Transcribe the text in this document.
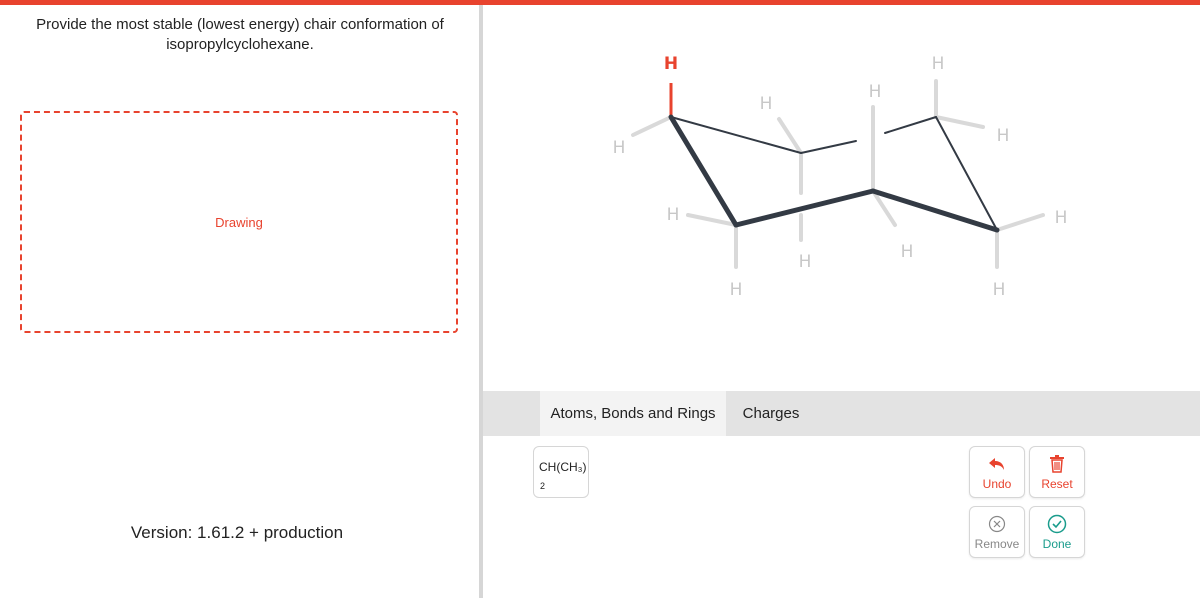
Provide the most stable (lowest energy) chair conformation of
isopropylcyclohexane.
Drawing
Version: 1.61.2 + production
H
H
H
H
H
H
H
H
H
H
H
H
Atoms, Bonds and Rings	Charges
CH(CH₃)
2	Undo	Reset
Remove	Done
